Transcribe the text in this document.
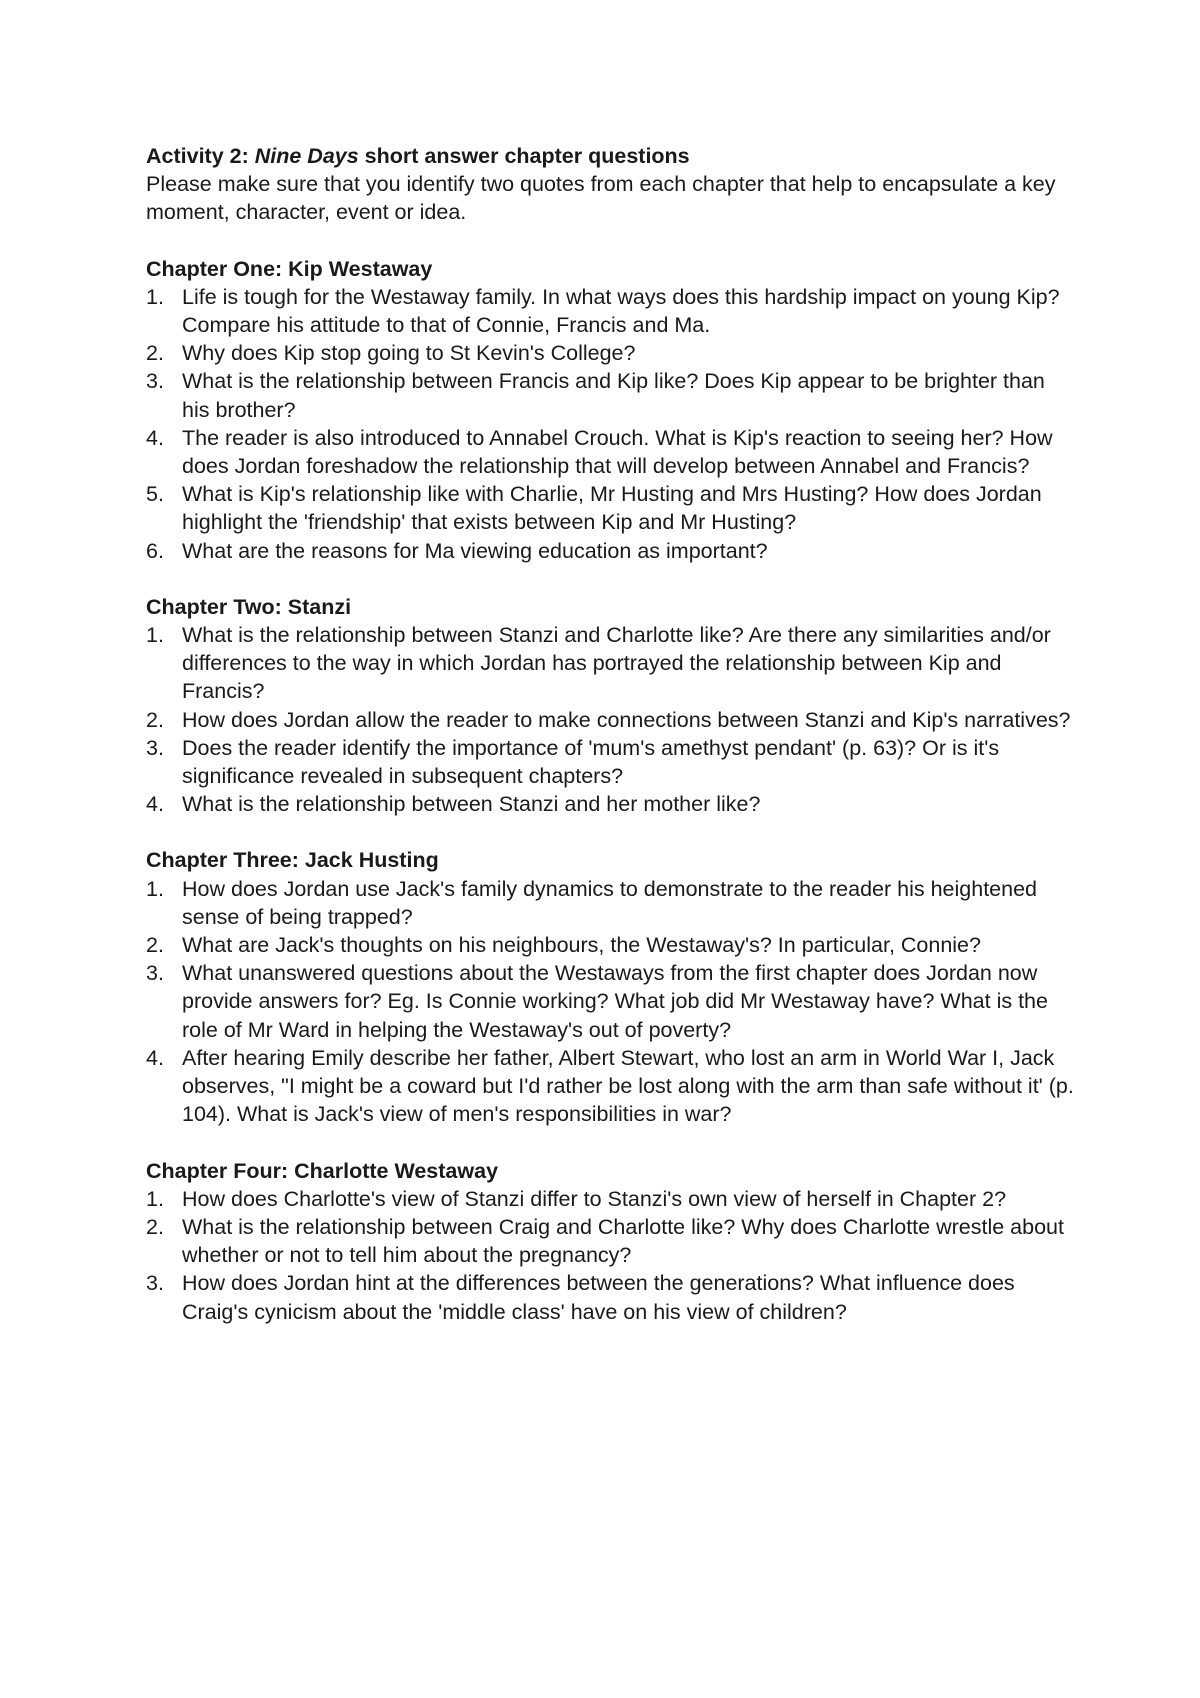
Activity 2: Nine Days short answer chapter questions

Please make sure that you identify two quotes from each chapter that help to encapsulate a key moment, character, event or idea.

Chapter One: Kip Westaway

1. Life is tough for the Westaway family. In what ways does this hardship impact on young Kip? Compare his attitude to that of Connie, Francis and Ma.
2. Why does Kip stop going to St Kevin's College?
3. What is the relationship between Francis and Kip like? Does Kip appear to be brighter than his brother?
4. The reader is also introduced to Annabel Crouch. What is Kip's reaction to seeing her? How does Jordan foreshadow the relationship that will develop between Annabel and Francis?
5. What is Kip's relationship like with Charlie, Mr Husting and Mrs Husting? How does Jordan highlight the 'friendship' that exists between Kip and Mr Husting?
6. What are the reasons for Ma viewing education as important?

Chapter Two: Stanzi

1. What is the relationship between Stanzi and Charlotte like? Are there any similarities and/or differences to the way in which Jordan has portrayed the relationship between Kip and Francis?
2. How does Jordan allow the reader to make connections between Stanzi and Kip's narratives?
3. Does the reader identify the importance of 'mum's amethyst pendant' (p. 63)? Or is it's significance revealed in subsequent chapters?
4. What is the relationship between Stanzi and her mother like?

Chapter Three: Jack Husting

1. How does Jordan use Jack's family dynamics to demonstrate to the reader his heightened sense of being trapped?
2. What are Jack's thoughts on his neighbours, the Westaway's? In particular, Connie?
3. What unanswered questions about the Westaways from the first chapter does Jordan now provide answers for? Eg. Is Connie working? What job did Mr Westaway have? What is the role of Mr Ward in helping the Westaway's out of poverty?
4. After hearing Emily describe her father, Albert Stewart, who lost an arm in World War I, Jack observes, "I might be a coward but I'd rather be lost along with the arm than safe without it' (p. 104). What is Jack's view of men's responsibilities in war?

Chapter Four: Charlotte Westaway

1. How does Charlotte's view of Stanzi differ to Stanzi's own view of herself in Chapter 2?
2. What is the relationship between Craig and Charlotte like? Why does Charlotte wrestle about whether or not to tell him about the pregnancy?
3. How does Jordan hint at the differences between the generations? What influence does Craig's cynicism about the 'middle class' have on his view of children?
